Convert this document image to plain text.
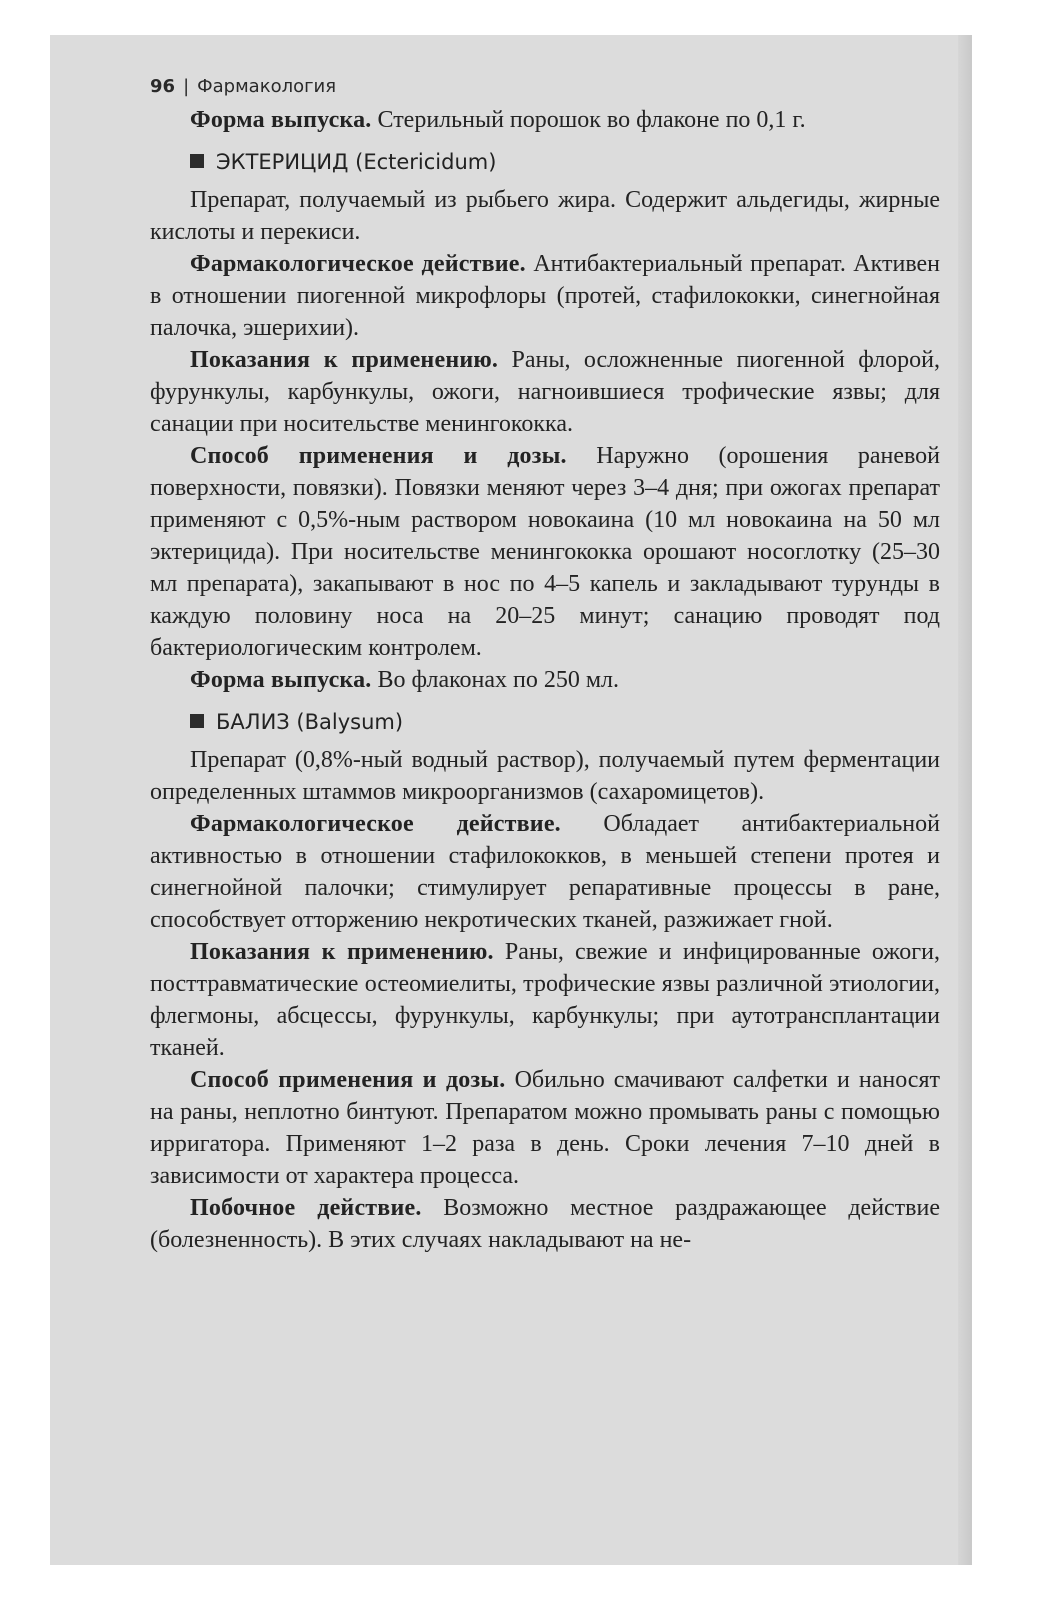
96 | Фармакология

Форма выпуска. Стерильный порошок во флаконе по 0,1 г.

ЭКТЕРИЦИД (Ectericidum)

Препарат, получаемый из рыбьего жира. Содержит альдегиды, жирные кислоты и перекиси.

Фармакологическое действие. Антибактериальный препарат. Активен в отношении пиогенной микрофлоры (протей, стафилококки, синегнойная палочка, эшерихии).

Показания к применению. Раны, осложненные пиогенной флорой, фурункулы, карбункулы, ожоги, нагноившиеся трофические язвы; для санации при носительстве менингококка.

Способ применения и дозы. Наружно (орошения раневой поверхности, повязки). Повязки меняют через 3–4 дня; при ожогах препарат применяют с 0,5%-ным раствором новокаина (10 мл новокаина на 50 мл эктерицида). При носительстве менингококка орошают носоглотку (25–30 мл препарата), закапывают в нос по 4–5 капель и закладывают турунды в каждую половину носа на 20–25 минут; санацию проводят под бактериологическим контролем.

Форма выпуска. Во флаконах по 250 мл.

БАЛИЗ (Balysum)

Препарат (0,8%-ный водный раствор), получаемый путем ферментации определенных штаммов микроорганизмов (сахаромицетов).

Фармакологическое действие. Обладает антибактериальной активностью в отношении стафилококков, в меньшей степени протея и синегнойной палочки; стимулирует репаративные процессы в ране, способствует отторжению некротических тканей, разжижает гной.

Показания к применению. Раны, свежие и инфицированные ожоги, посттравматические остеомиелиты, трофические язвы различной этиологии, флегмоны, абсцессы, фурункулы, карбункулы; при аутотрансплантации тканей.

Способ применения и дозы. Обильно смачивают салфетки и наносят на раны, неплотно бинтуют. Препаратом можно промывать раны с помощью ирригатора. Применяют 1–2 раза в день. Сроки лечения 7–10 дней в зависимости от характера процесса.

Побочное действие. Возможно местное раздражающее действие (болезненность). В этих случаях накладывают на не-
